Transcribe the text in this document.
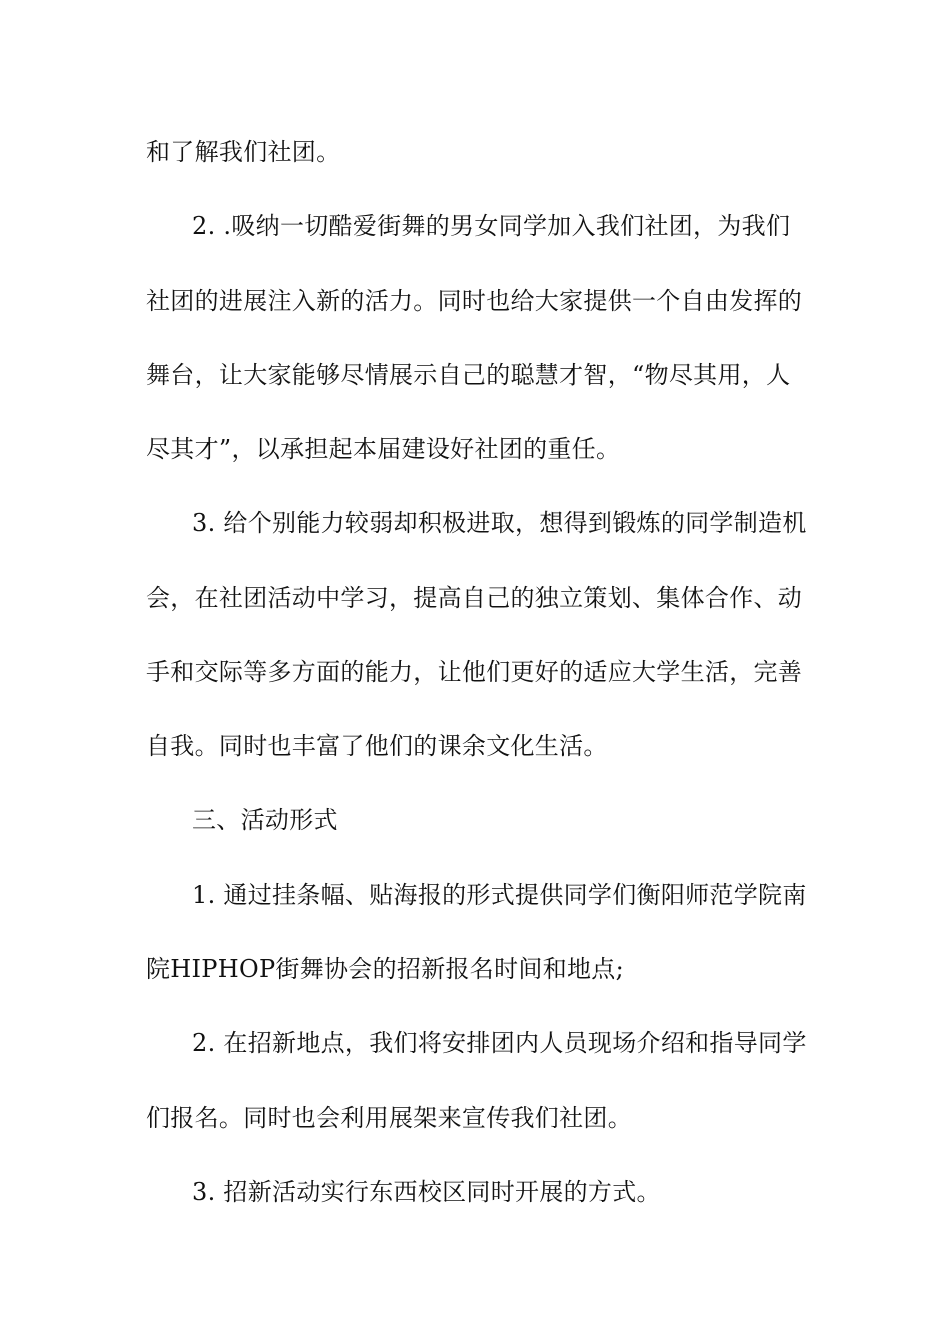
和了解我们社团。
2. .吸纳一切酷爱街舞的男女同学加入我们社团，为我们
社团的进展注入新的活力。同时也给大家提供一个自由发挥的
舞台，让大家能够尽情展示自己的聪慧才智，“物尽其用，人
尽其才”，以承担起本届建设好社团的重任。
3. 给个别能力较弱却积极进取，想得到锻炼的同学制造机
会，在社团活动中学习，提高自己的独立策划、集体合作、动
手和交际等多方面的能力，让他们更好的适应大学生活，完善
自我。同时也丰富了他们的课余文化生活。
三、活动形式
1. 通过挂条幅、贴海报的形式提供同学们衡阳师范学院南
院HIPHOP街舞协会的招新报名时间和地点;
2. 在招新地点，我们将安排团内人员现场介绍和指导同学
们报名。同时也会利用展架来宣传我们社团。
3. 招新活动实行东西校区同时开展的方式。
